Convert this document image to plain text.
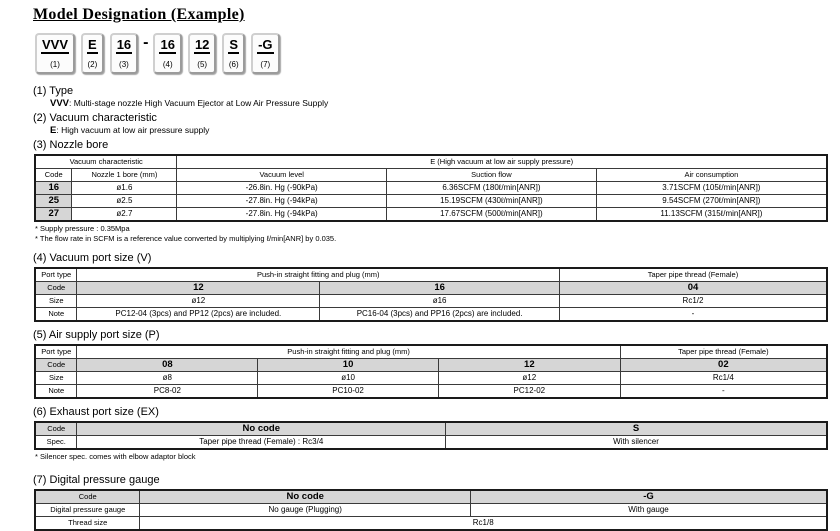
Model Designation (Example)
VVV
(1)
E
(2)
16
(3)
- 16
(4)
12
(5)
S
(6)
-G
(7)
(1) Type
VVV: Multi-stage nozzle High Vacuum Ejector at Low Air Pressure Supply
(2) Vacuum characteristic
E: High vacuum at low air pressure supply
(3) Nozzle bore
Vacuum characteristic		E (High vacuum at low air supply pressure)		
Code	Nozzle 1 bore (mm)	Vacuum level	Suction flow	Air consumption
16	ø1.6	-26.8in. Hg (-90kPa)	6.36SCFM (180ℓ/min[ANR])	3.71SCFM (105ℓ/min[ANR])
25	ø2.5	-27.8in. Hg (-94kPa)	15.19SCFM (430ℓ/min[ANR])	9.54SCFM (270ℓ/min[ANR])
27	ø2.7	-27.8in. Hg (-94kPa)	17.67SCFM (500ℓ/min[ANR])	11.13SCFM (315ℓ/min[ANR])
* Supply pressure : 0.35Mpa
* The flow rate in SCFM is a reference value converted by multiplying ℓ/min[ANR] by 0.035.
(4) Vacuum port size (V)
Port type	Push-in straight fitting and plug (mm)		Taper pipe thread (Female)
Code	12	16	04
Size	ø12	ø16	Rc1/2
Note	PC12-04 (3pcs) and PP12 (2pcs) are included.	PC16-04 (3pcs) and PP16 (2pcs) are included.	-
(5) Air supply port size (P)
Port type	Push-in straight fitting and plug (mm)			Taper pipe thread (Female)
Code	08	10	12	02
Size	ø8	ø10	ø12	Rc1/4
Note	PC8-02	PC10-02	PC12-02	-
(6) Exhaust port size (EX)
Code	No code	S
Spec.	Taper pipe thread (Female) : Rc3/4	With silencer
* Silencer spec. comes with elbow adaptor block
(7) Digital pressure gauge
Code	No code	-G
Digital pressure gauge	No gauge (Plugging)	With gauge
Thread size	Rc1/8	
